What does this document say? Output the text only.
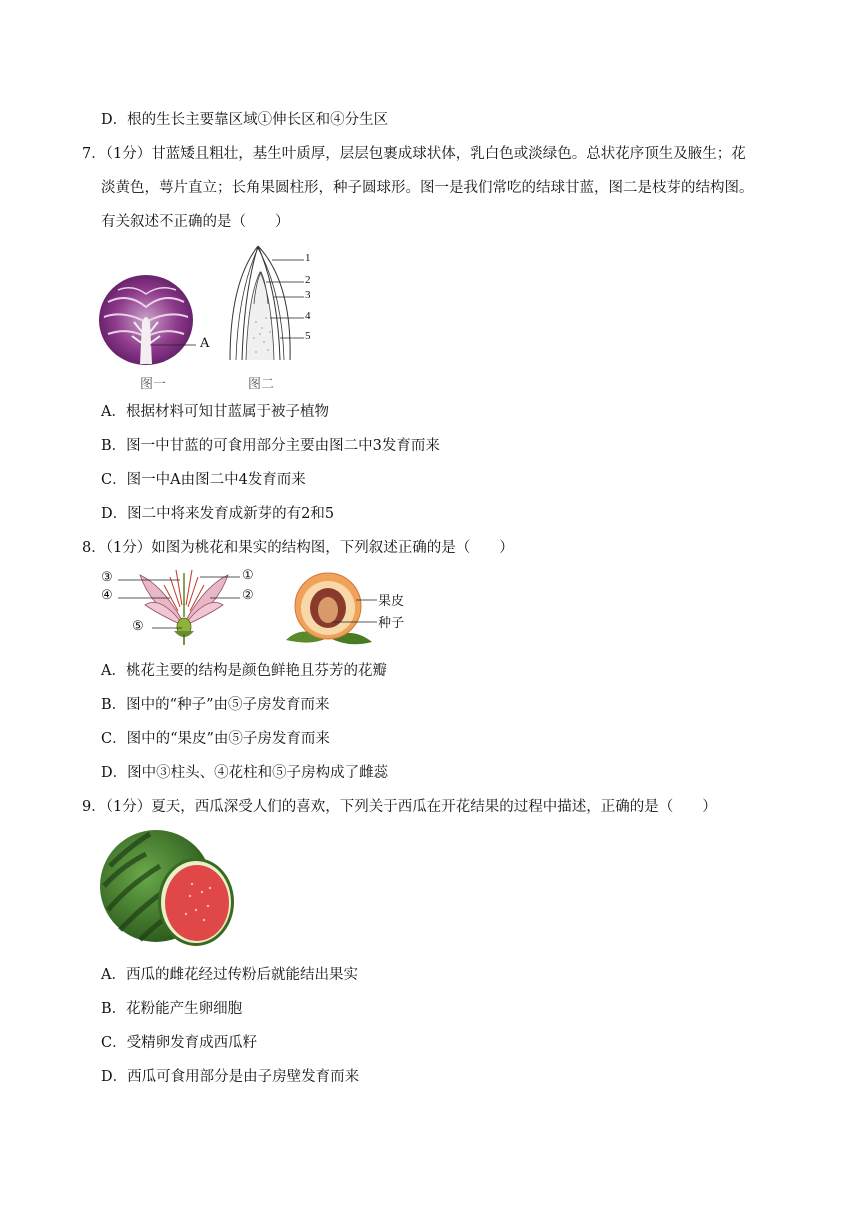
D．根的生长主要靠区域①伸长区和④分生区
7．（1分）甘蓝矮且粗壮，基生叶质厚，层层包裹成球状体，乳白色或淡绿色。总状花序顶生及腋生；花
淡黄色，萼片直立；长角果圆柱形，种子圆球形。图一是我们常吃的结球甘蓝，图二是枝芽的结构图。
有关叙述不正确的是（　　）
A
图一
1
2
3
4
5
图二
A．根据材料可知甘蓝属于被子植物
B．图一中甘蓝的可食用部分主要由图二中3发育而来
C．图一中A由图二中4发育而来
D．图二中将来发育成新芽的有2和5
8．（1分）如图为桃花和果实的结构图，下列叙述正确的是（　　）
③
④
⑤
①
②	果皮
种子
A．桃花主要的结构是颜色鲜艳且芬芳的花瓣
B．图中的“种子”由⑤子房发育而来
C．图中的“果皮”由⑤子房发育而来
D．图中③柱头、④花柱和⑤子房构成了雌蕊
9．（1分）夏天，西瓜深受人们的喜欢，下列关于西瓜在开花结果的过程中描述，正确的是（　　）
A．西瓜的雌花经过传粉后就能结出果实
B．花粉能产生卵细胞
C．受精卵发育成西瓜籽
D．西瓜可食用部分是由子房壁发育而来
